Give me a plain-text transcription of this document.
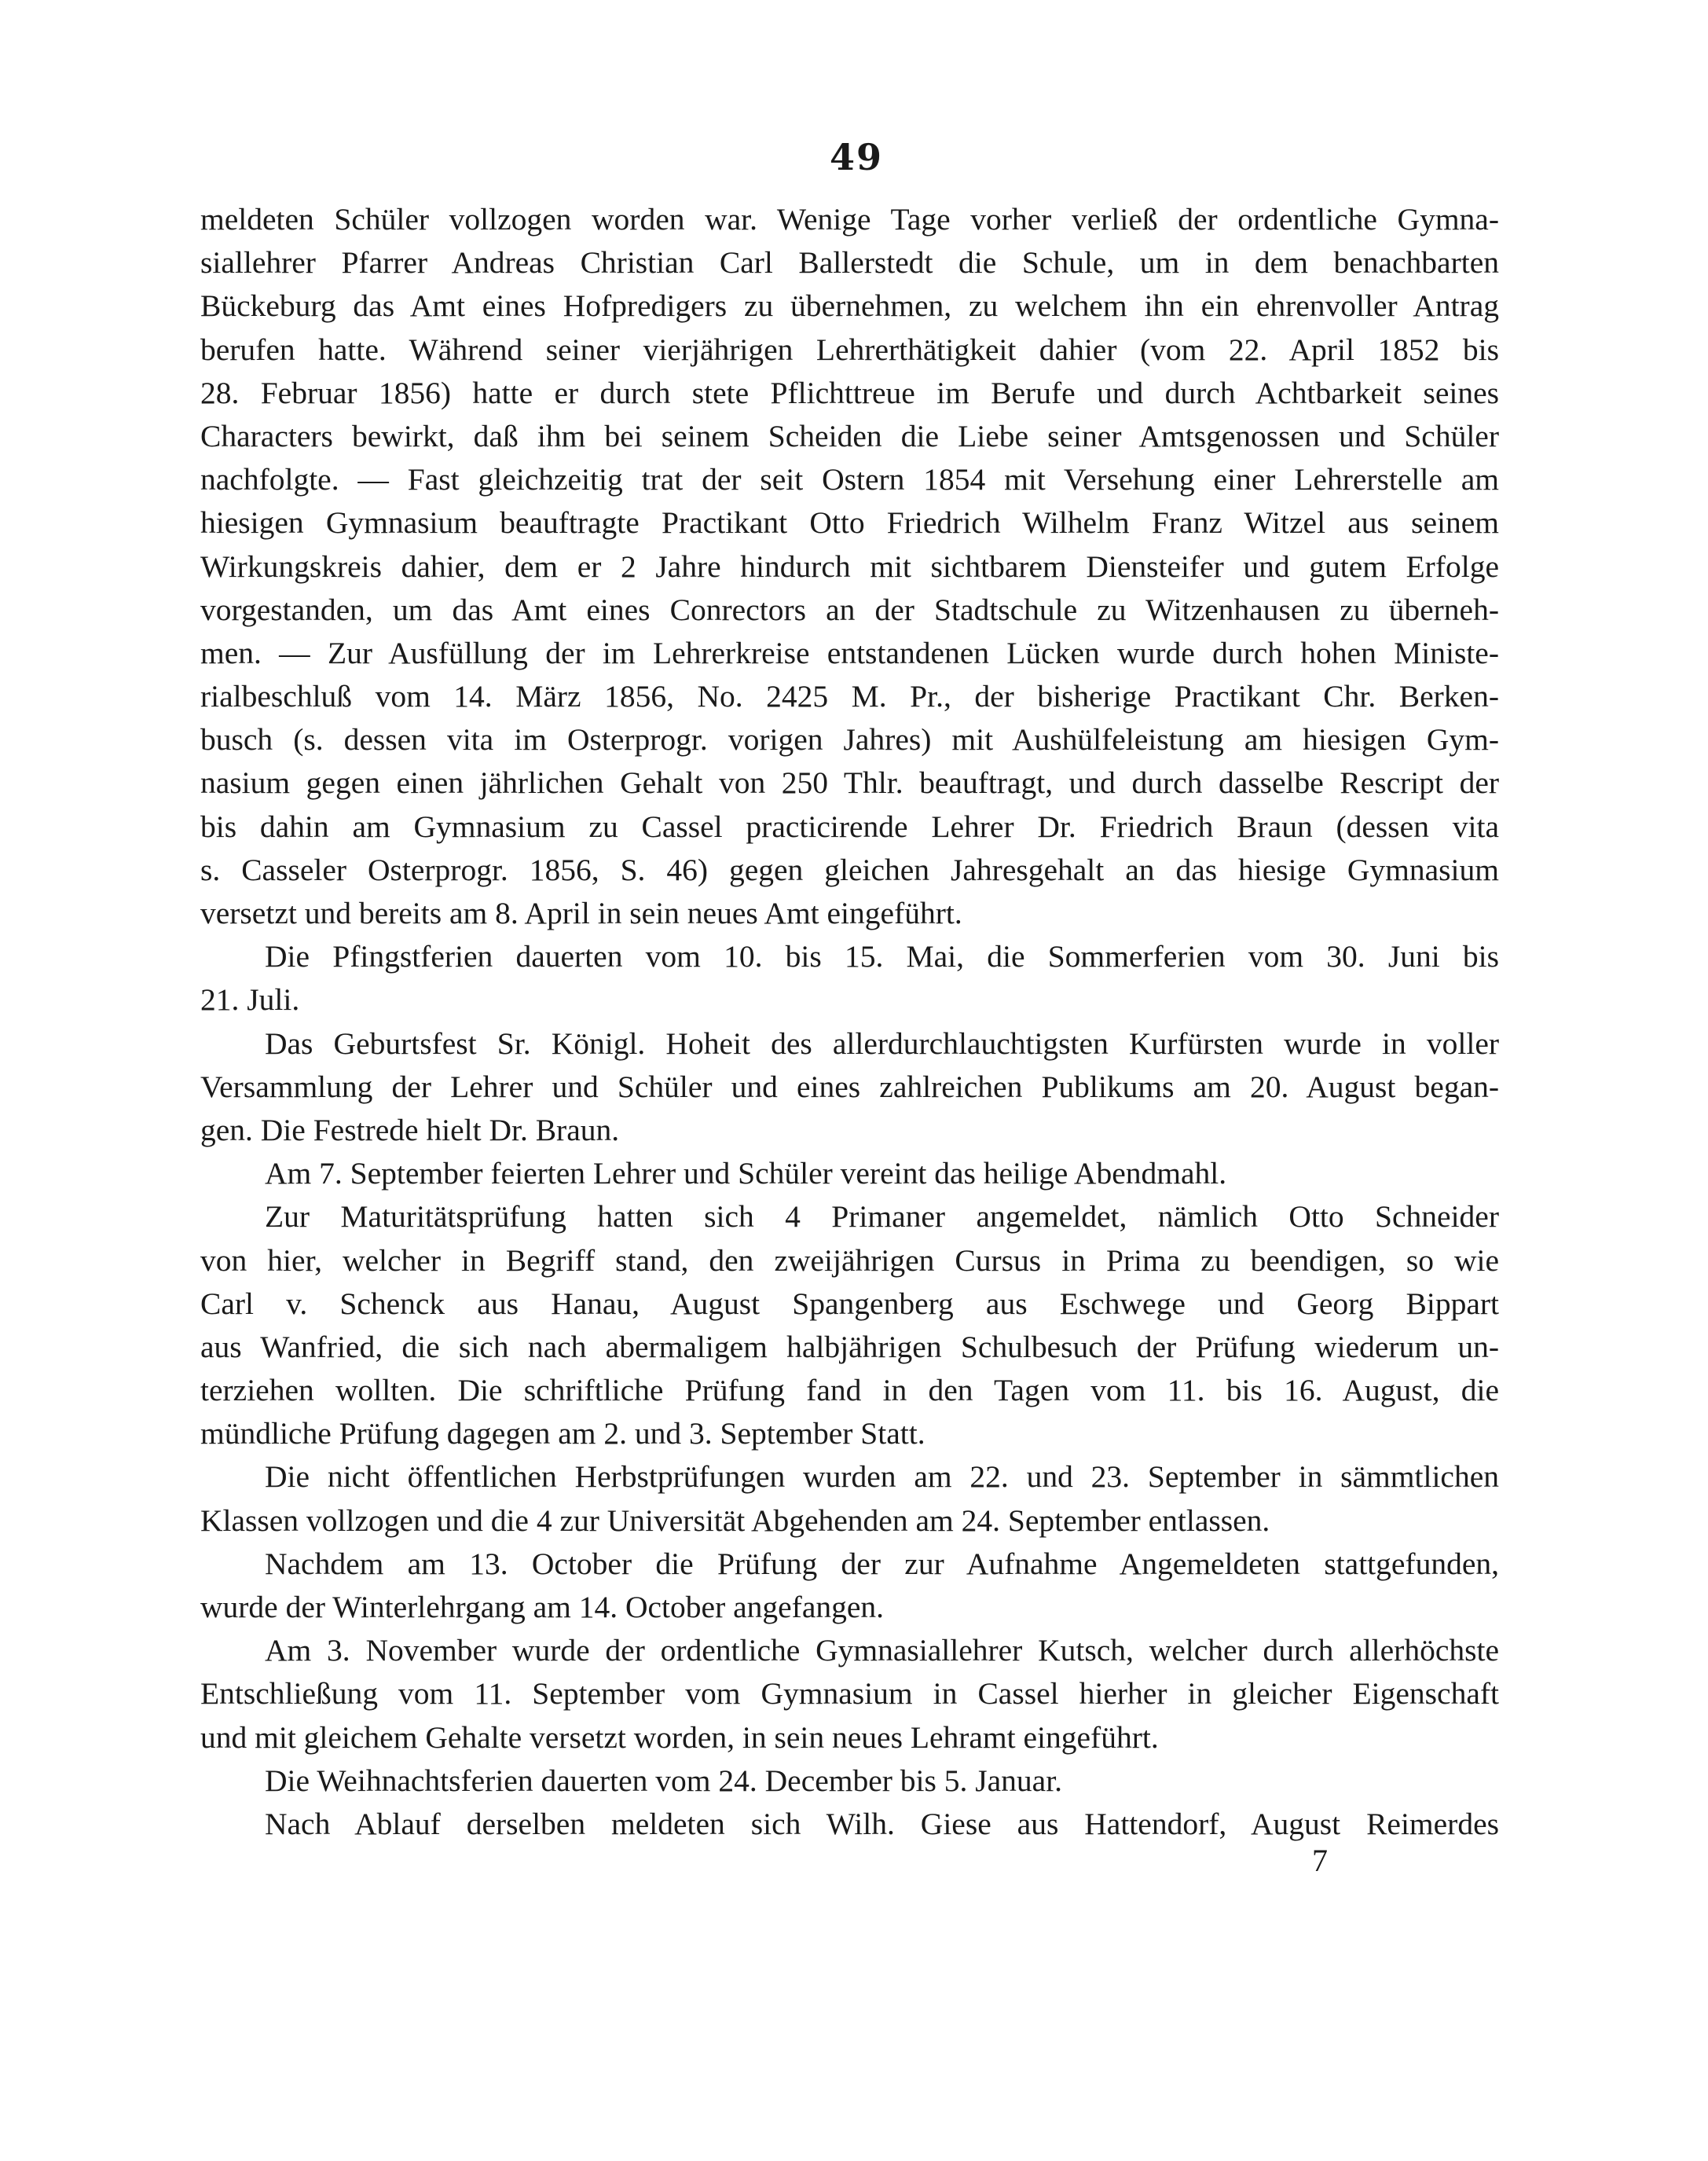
49
meldeten Schüler vollzogen worden war. Wenige Tage vorher verließ der ordentliche Gymna-
siallehrer Pfarrer Andreas Christian Carl Ballerstedt die Schule, um in dem benachbarten
Bückeburg das Amt eines Hofpredigers zu übernehmen, zu welchem ihn ein ehrenvoller Antrag
berufen hatte. Während seiner vierjährigen Lehrerthätigkeit dahier (vom 22. April 1852 bis
28. Februar 1856) hatte er durch stete Pflichttreue im Berufe und durch Achtbarkeit seines
Characters bewirkt, daß ihm bei seinem Scheiden die Liebe seiner Amtsgenossen und Schüler
nachfolgte. — Fast gleichzeitig trat der seit Ostern 1854 mit Versehung einer Lehrerstelle am
hiesigen Gymnasium beauftragte Practikant Otto Friedrich Wilhelm Franz Witzel aus seinem
Wirkungskreis dahier, dem er 2 Jahre hindurch mit sichtbarem Diensteifer und gutem Erfolge
vorgestanden, um das Amt eines Conrectors an der Stadtschule zu Witzenhausen zu überneh-
men. — Zur Ausfüllung der im Lehrerkreise entstandenen Lücken wurde durch hohen Ministe-
rialbeschluß vom 14. März 1856, No. 2425 M. Pr., der bisherige Practikant Chr. Berken-
busch (s. dessen vita im Osterprogr. vorigen Jahres) mit Aushülfeleistung am hiesigen Gym-
nasium gegen einen jährlichen Gehalt von 250 Thlr. beauftragt, und durch dasselbe Rescript der
bis dahin am Gymnasium zu Cassel practicirende Lehrer Dr. Friedrich Braun (dessen vita
s. Casseler Osterprogr. 1856, S. 46) gegen gleichen Jahresgehalt an das hiesige Gymnasium
versetzt und bereits am 8. April in sein neues Amt eingeführt.
Die Pfingstferien dauerten vom 10. bis 15. Mai, die Sommerferien vom 30. Juni bis
21. Juli.
Das Geburtsfest Sr. Königl. Hoheit des allerdurchlauchtigsten Kurfürsten wurde in voller
Versammlung der Lehrer und Schüler und eines zahlreichen Publikums am 20. August began-
gen. Die Festrede hielt Dr. Braun.
Am 7. September feierten Lehrer und Schüler vereint das heilige Abendmahl.
Zur Maturitätsprüfung hatten sich 4 Primaner angemeldet, nämlich Otto Schneider
von hier, welcher in Begriff stand, den zweijährigen Cursus in Prima zu beendigen, so wie
Carl v. Schenck aus Hanau, August Spangenberg aus Eschwege und Georg Bippart
aus Wanfried, die sich nach abermaligem halbjährigen Schulbesuch der Prüfung wiederum un-
terziehen wollten. Die schriftliche Prüfung fand in den Tagen vom 11. bis 16. August, die
mündliche Prüfung dagegen am 2. und 3. September Statt.
Die nicht öffentlichen Herbstprüfungen wurden am 22. und 23. September in sämmtlichen
Klassen vollzogen und die 4 zur Universität Abgehenden am 24. September entlassen.
Nachdem am 13. October die Prüfung der zur Aufnahme Angemeldeten stattgefunden,
wurde der Winterlehrgang am 14. October angefangen.
Am 3. November wurde der ordentliche Gymnasiallehrer Kutsch, welcher durch allerhöchste
Entschließung vom 11. September vom Gymnasium in Cassel hierher in gleicher Eigenschaft
und mit gleichem Gehalte versetzt worden, in sein neues Lehramt eingeführt.
Die Weihnachtsferien dauerten vom 24. December bis 5. Januar.
Nach Ablauf derselben meldeten sich Wilh. Giese aus Hattendorf, August Reimerdes
7
